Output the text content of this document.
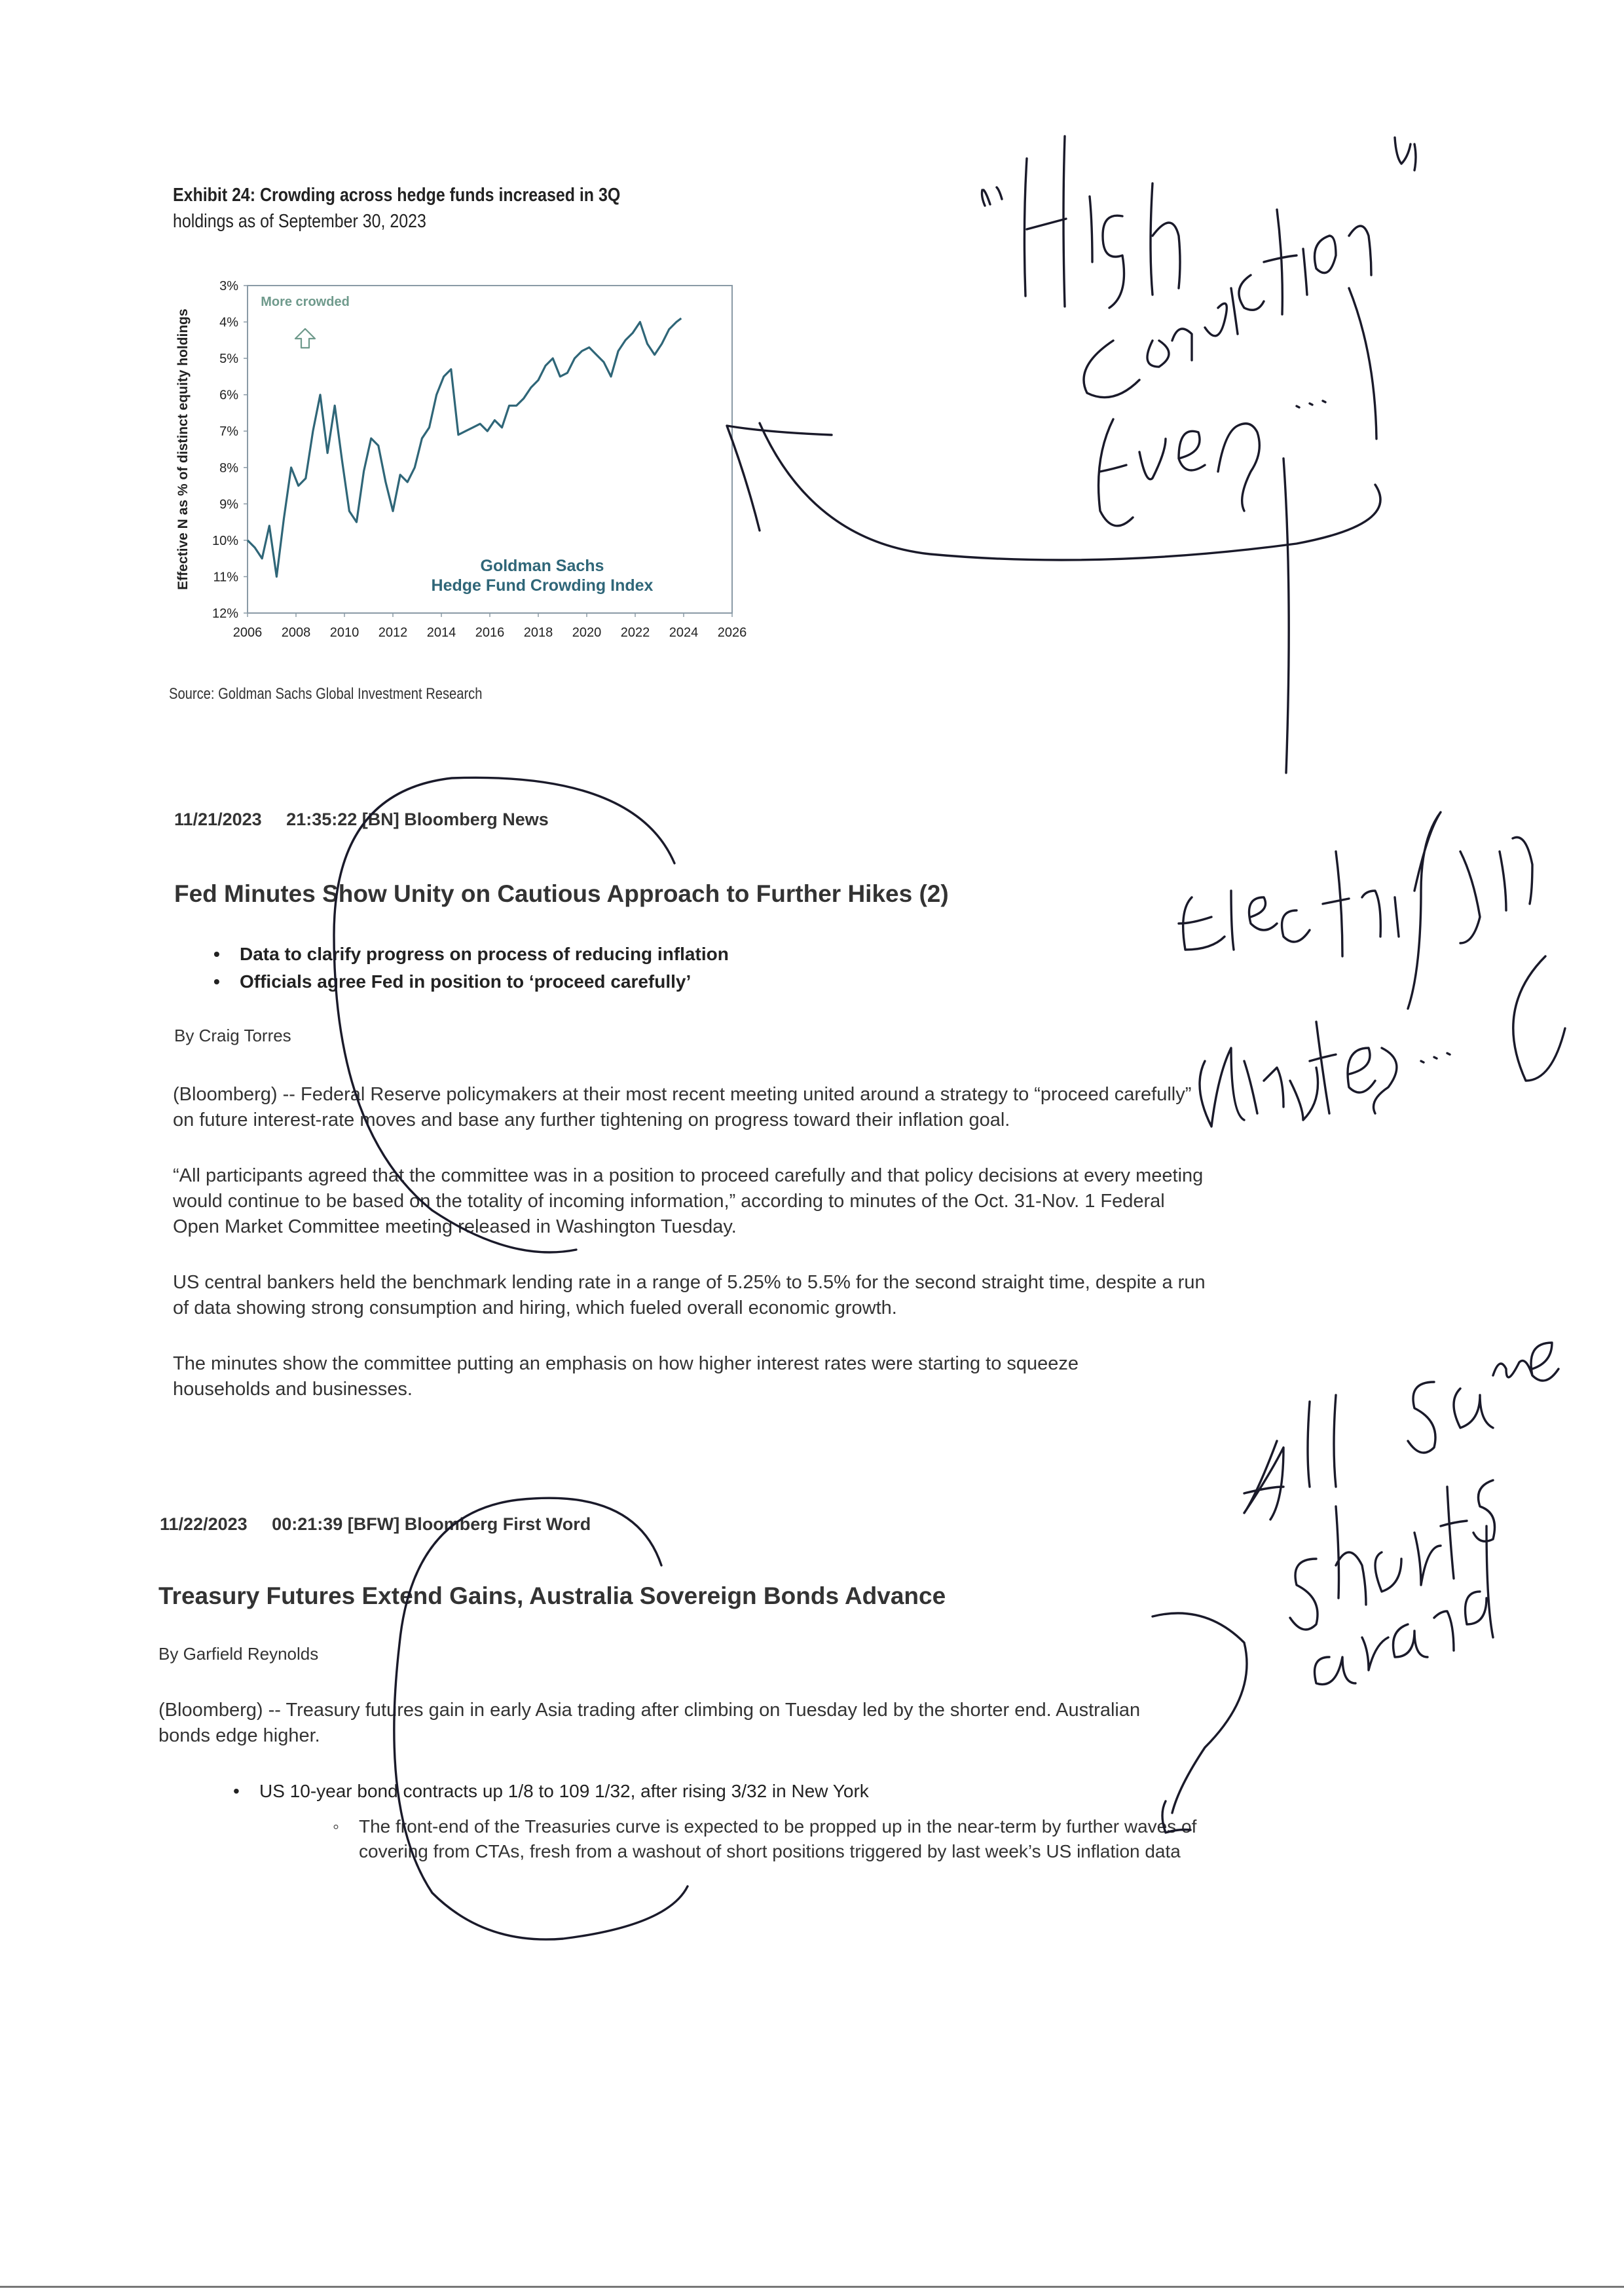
Exhibit 24: Crowding across hedge funds increased in 3Q
holdings as of September 30, 2023
3%
4%
5%
6%
7%
8%
9%
10%
11%
12%
2006 2008 2010 2012 2014 2016 2018 2020 2022 2024 2026
Effective N as % of distinct equity holdings
More crowded
Goldman Sachs
Hedge Fund Crowding Index
Source: Goldman Sachs Global Investment Research
11/21/2023 21:35:22 [BN] Bloomberg News
Fed Minutes Show Unity on Cautious Approach to Further Hikes (2)
• Data to clarify progress on process of reducing inflation
• Officials agree Fed in position to ‘proceed carefully’
By Craig Torres

(Bloomberg) -- Federal Reserve policymakers at their most recent meeting united around a strategy to “proceed carefully” on future interest-rate moves and base any further tightening on progress toward their inflation goal.

“All participants agreed that the committee was in a position to proceed carefully and that policy decisions at every meeting would continue to be based on the totality of incoming information,” according to minutes of the Oct. 31-Nov. 1 Federal Open Market Committee meeting released in Washington Tuesday.

US central bankers held the benchmark lending rate in a range of 5.25% to 5.5% for the second straight time, despite a run of data showing strong consumption and hiring, which fueled overall economic growth.

The minutes show the committee putting an emphasis on how higher interest rates were starting to squeeze households and businesses.

11/22/2023 00:21:39 [BFW] Bloomberg First Word
Treasury Futures Extend Gains, Australia Sovereign Bonds Advance
By Garfield Reynolds

(Bloomberg) -- Treasury futures gain in early Asia trading after climbing on Tuesday led by the shorter end. Australian bonds edge higher.

• US 10-year bond contracts up 1/8 to 109 1/32, after rising 3/32 in New York
◦ The front-end of the Treasuries curve is expected to be propped up in the near-term by further waves of covering from CTAs, fresh from a washout of short positions triggered by last week’s US inflation data
